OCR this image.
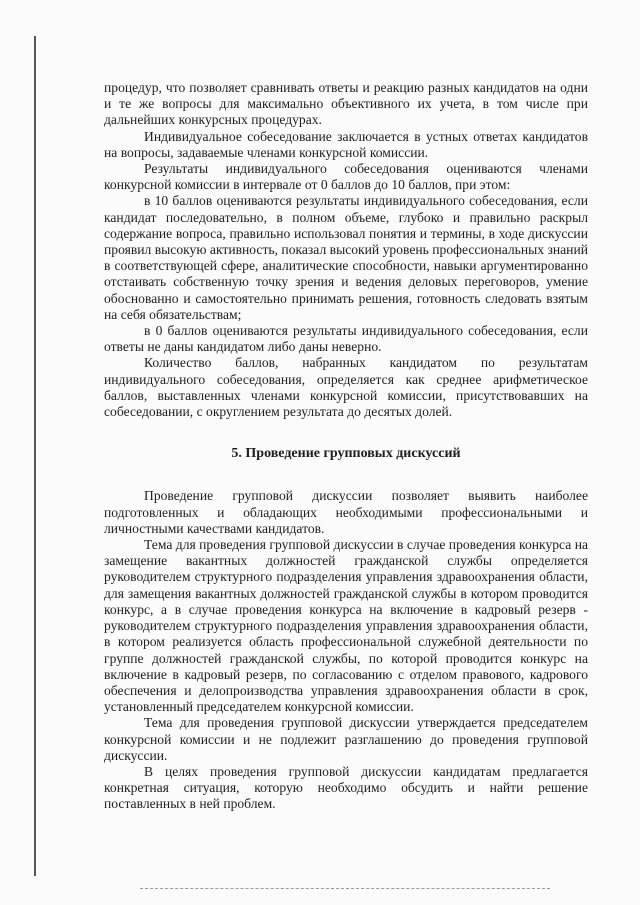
процедур, что позволяет сравнивать ответы и реакцию разных кандидатов на одни и те же вопросы для максимально объективного их учета, в том числе при дальнейших конкурсных процедурах.

Индивидуальное собеседование заключается в устных ответах кандидатов на вопросы, задаваемые членами конкурсной комиссии.

Результаты индивидуального собеседования оцениваются членами конкурсной комиссии в интервале от 0 баллов до 10 баллов, при этом:

в 10 баллов оцениваются результаты индивидуального собеседования, если кандидат последовательно, в полном объеме, глубоко и правильно раскрыл содержание вопроса, правильно использовал понятия и термины, в ходе дискуссии проявил высокую активность, показал высокий уровень профессиональных знаний в соответствующей сфере, аналитические способности, навыки аргументированно отстаивать собственную точку зрения и ведения деловых переговоров, умение обоснованно и самостоятельно принимать решения, готовность следовать взятым на себя обязательствам;

в 0 баллов оцениваются результаты индивидуального собеседования, если ответы не даны кандидатом либо даны неверно.

Количество баллов, набранных кандидатом по результатам индивидуального собеседования, определяется как среднее арифметическое баллов, выставленных членами конкурсной комиссии, присутствовавших на собеседовании, с округлением результата до десятых долей.

5. Проведение групповых дискуссий

Проведение групповой дискуссии позволяет выявить наиболее подготовленных и обладающих необходимыми профессиональными и личностными качествами кандидатов.

Тема для проведения групповой дискуссии в случае проведения конкурса на замещение вакантных должностей гражданской службы определяется руководителем структурного подразделения управления здравоохранения области, для замещения вакантных должностей гражданской службы в котором проводится конкурс, а в случае проведения конкурса на включение в кадровый резерв - руководителем структурного подразделения управления здравоохранения области, в котором реализуется область профессиональной служебной деятельности по группе должностей гражданской службы, по которой проводится конкурс на включение в кадровый резерв, по согласованию с отделом правового, кадрового обеспечения и делопроизводства управления здравоохранения области в срок, установленный председателем конкурсной комиссии.

Тема для проведения групповой дискуссии утверждается председателем конкурсной комиссии и не подлежит разглашению до проведения групповой дискуссии.

В целях проведения групповой дискуссии кандидатам предлагается конкретная ситуация, которую необходимо обсудить и найти решение поставленных в ней проблем.
